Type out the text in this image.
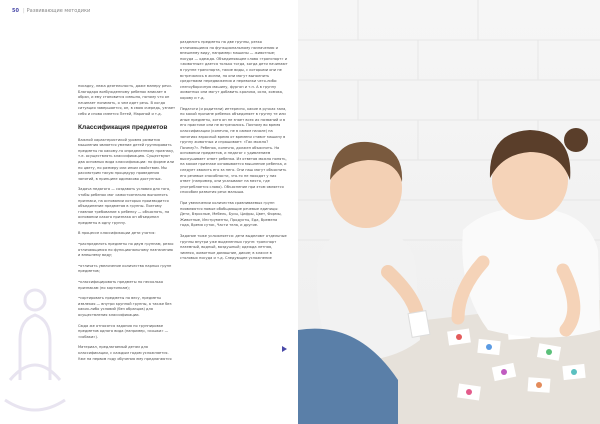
50 | Развивающие методики

посадку, лежа деятельность, даже манеру речи. Благодаря возбужденному ребенок вникает в образ, и ему становится смешно, потому что он начинает понимать, о чем идет речь. В когда ситуация завершается, он, в свою очередь, узнает себя и снова смеется Петей, Мариной и т.д.

Классификация предметов

Важной характеристикой уровня развития мышления является умение детей группировать предметы по какому-то определенному признаку, т.е. осуществлять классификацию. Существуют два основных вида классификации: по форме или по цвету, по размеру или иным свойствам. Мы рассмотрим такую процедуру проведения занятий, в принципе одинаково доступных.

Задача педагога — создавать условия для того, чтобы ребенок мог самостоятельно выполнять признаки, на основании которых производится объединение предметов в группы. Поэтому главное требование к ребенку — объяснять, на основании какого признака он объединил предметы в одну группу.

В процессе классификации дети учатся:

•распределять предметы по двум группам, резко отличающимся по функциональному назначению и внешнему виду;

•отличать увеличение количества парных групп предметов;

•классифицировать предметы по несколько признакам (по картинкам);

•сортировать предметы по весу, предметы извлекая — внутри крупной группы, а также без каких-либо условий (без образцов) для осуществления классификации.

Сюда же относятся задания по группировке предметов одного вида (например, «кошки» — «собаки»).

Материал, предлагаемый детям для классификации, с каждым годом усложняется. Уже на первом году обучения ему предлагаются

разделить предметы на две группы, резко отличающиеся по функциональному назначению и внешнему виду, например: машины — животные; посуда — одежда. Объединяющее слово «транспорт» и «животные» дается только тогда, когда дети начинают в группе транспорта, такие виды, с которыми они не встречались в жизни, но они могут выполнить средствами передвижения и перевозки чего-либо: снегоуборочную машину, фургон и т.п. А в группу животных они могут добавить кролика, осла, хомяка, корову и т.д.

Педагоги (и родители) интересно, какие в ручках зала, по какой причине ребенок объединяет в группу те или иные предметы, хотя он не знает всех их названий и в его практике они не встречались. Поэтому во время классификации (конечно, не в самом начале) на занятиях взрослый время от времени ставит машину в группу животных и спрашивает: «Так можно? Почему?». Ребенок, конечно, должен объяснить. На основании предметов, и педагог с удивлением выслушивает ответ ребенка. Из ответов можно понять, на каком признаке основывается мышление ребенка, и следует хвалить его за него. Они наш могут объяснить его речевые способности, что-то не находят у них ответ (например, они указывают на место, где употребляется слово). Объяснение при этом является способом развития речи малыша.

При увеличении количества сравниваемых групп появляются новые обобщающие речевые единицы: Дети, Взрослые, Мебель, Бусы, Цифры, Цвет, Формы, Животные, Инструменты, Продукты, Еда, Времена года, Время суток, Части тела, и другие.

Задание тоже усложняется: дети выделяют отдельные группы внутри уже выделенных групп: транспорт наземный, водный, воздушный; одежда летняя, зимняя, животные домашние, дикие; в классе в столовых посуда и т.д. Следующее усложнение
